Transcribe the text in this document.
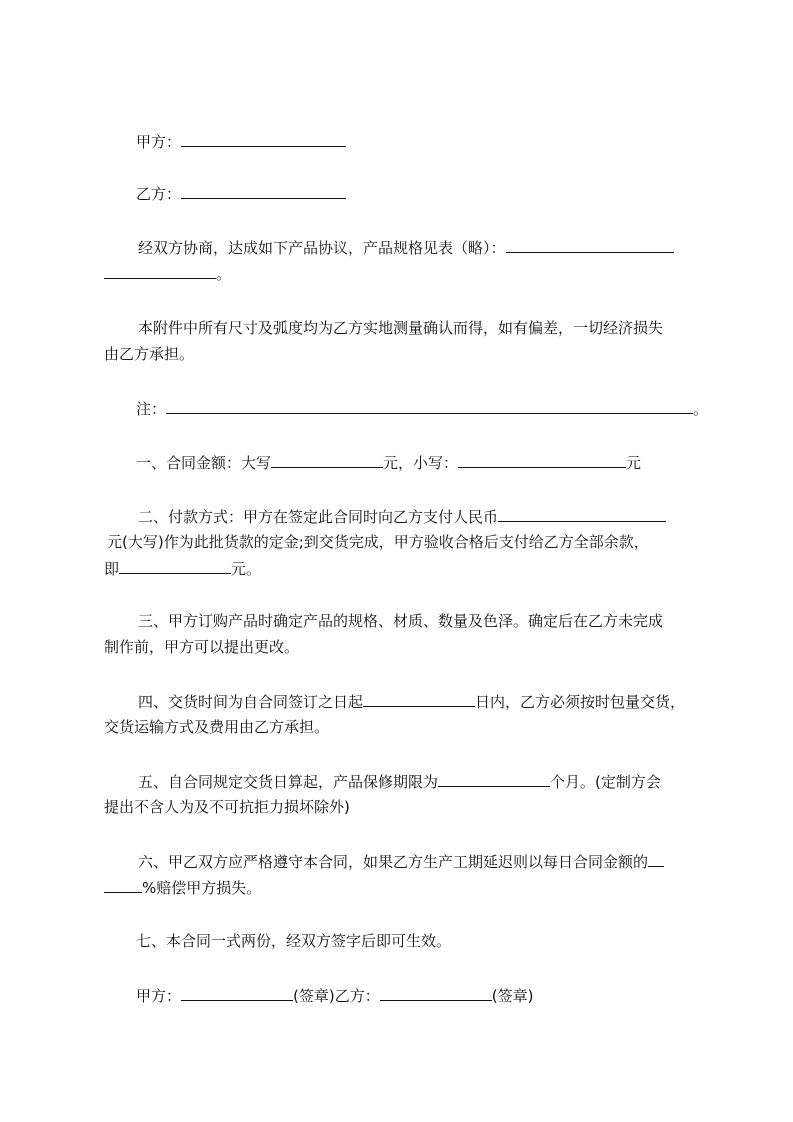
甲方：
乙方：
经双方协商，达成如下产品协议，产品规格见表（略）：
。
本附件中所有尺寸及弧度均为乙方实地测量确认而得，如有偏差，一切经济损失
由乙方承担。
注：	。
一、合同金额：大写	元，小写：	元
二、付款方式：甲方在签定此合同时向乙方支付人民币
元(大写)作为此批货款的定金;到交货完成，甲方验收合格后支付给乙方全部余款，
即	元。
三、甲方订购产品时确定产品的规格、材质、数量及色泽。确定后在乙方未完成
制作前，甲方可以提出更改。
四、交货时间为自合同签订之日起	日内，乙方必须按时包量交货，
交货运输方式及费用由乙方承担。
五、自合同规定交货日算起，产品保修期限为	个月。(定制方会
提出不含人为及不可抗拒力损坏除外)
六、甲乙双方应严格遵守本合同，如果乙方生产工期延迟则以每日合同金额的
%赔偿甲方损失。
七、本合同一式两份，经双方签字后即可生效。
甲方：	(签章)乙方：	(签章)
